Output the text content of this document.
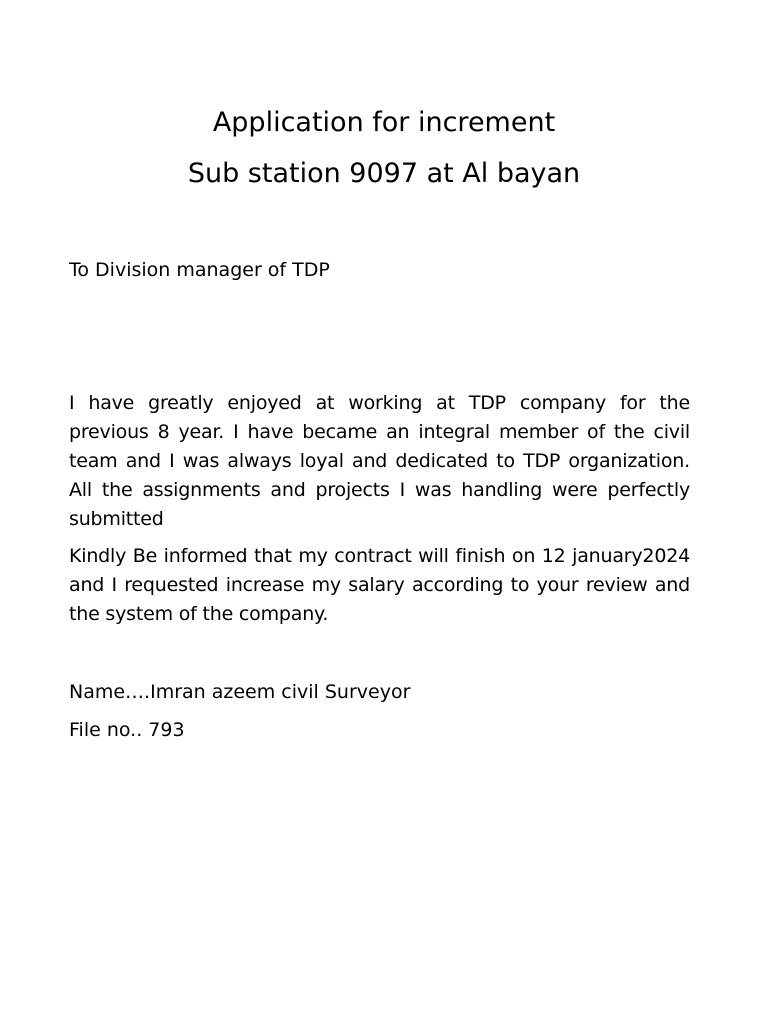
Application for increment
Sub station 9097 at Al bayan
To Division manager of TDP
I have greatly enjoyed at working at TDP company for the previous 8 year. I have became an integral member of the civil team and I was always loyal and dedicated to TDP organization. All the assignments and projects I was handling were perfectly submitted
Kindly Be informed that my contract will finish on 12 january2024 and I requested increase my salary according to your review and the system of the company.
Name….Imran azeem civil Surveyor
File no.. 793
